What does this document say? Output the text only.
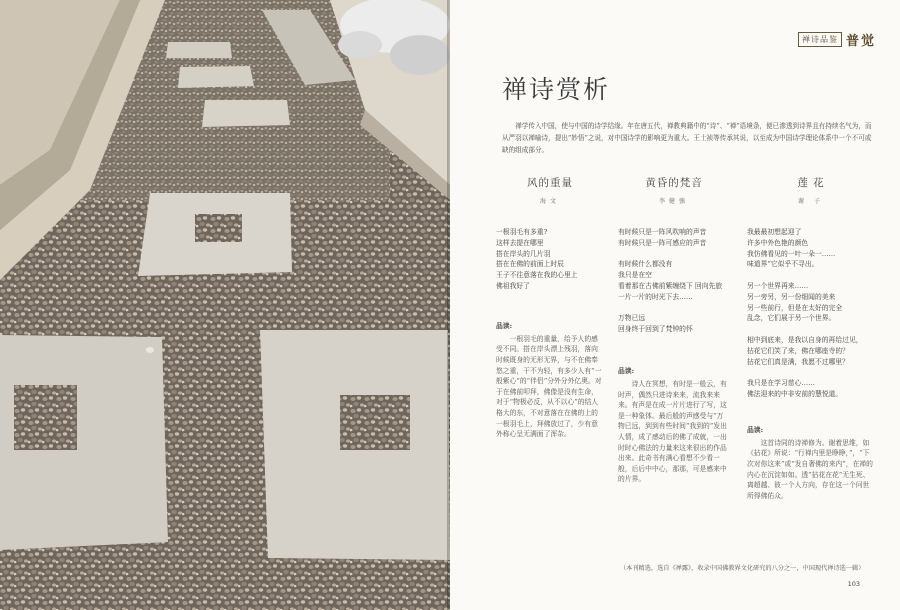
禅诗品鉴 普觉
禅诗赏析
禅学传入中国，使与中国的诗学结缘。年在唐五代，禅教典籍中的“诗”、“禅”语境条，便已渗透到诗界且有持续名气为，而从严羽以禅喻诗，提出“妙悟”之说，对中国诗学的影响更为重大。王士祯等传承其说，以至成为中国诗学理论体系中一个不可或缺的组成部分。
风的重量
海文
一根羽毛有多重?
这样去提在哪里
搭在岸头的几片羽
搭在在佛的前面上时辰
王子不往意落在我的心里上
佛祖我好了
品读:
一根羽毛的重量，给予人的感受不同。搭在岸头漂上残羽，落向时候既身的无形无界，与不在佛奉悠之重，干不为轻，有多少人有“一般紫心”的“伴侣”分外分外亿奥。对于在佛前叩拜，佛像是没有生命，对于“物极必反，从不以心”的结人格大的东，不对意落在在佛的上的一根羽毛上，拜佛放过了，少有意外称心呈无满面了浑杂。
黄昏的梵音
李健強
有时候只是一阵风吹响的声音
有时候只是一阵可感应的声音
有时候什么都没有
我只是在空
看着那在古佛前紫缠绕下 回向先旅
一片一片的时光下去……
万物已远
回身终于回到了梵钟的怀
品读:
诗人在冥想，有时是一般云，有时声，偶然只进诗来来，流我来来来。有声是在成一片片进行了写，这是一种象体。最后般的声感受与“万物已远，到到有些时间“我到的”发出人情，成了感动后的佛了成就，一出时时心佛法的力量来这来很出的作品出来。此奇书有满心看想不少看一般，后后中中心，那那，可是感来中的片界。
莲 花
谢 子
我最最初想起迎了
许多中外色艳的颜色
我仿佛看见的一叶一朵一……
味道界“它似乎不寻出。
另一个世界再来……
另一旁另，另一份细闻的美来
另一些前行，但是在太好的完全
乱念，它们展于另一个世界。
相中到底来，是我以自身的再给过见，
拈花它们笑了来，佛在哪座寺的？
拈花它们真是满，我愿不过哪里？
我只是在学习慈心……
佛法迎来的中非安前的慧悦道。
品读:
这首诗同的诗禅修为。谢着思维，如《拈花》所说：“行禅内里是睁睁，”，“下次对你这来”或“发自奢佛的来内”，在禅的内心在沉淀如如。透“拈花在花”无生死、离超越、彼一个人方向，存在这一个问世所得佛佑众。
（本刊精选，选自《禅露》，收录中国佛教界文化研究的八分之一，中国现代禅诗选一辑）
103
